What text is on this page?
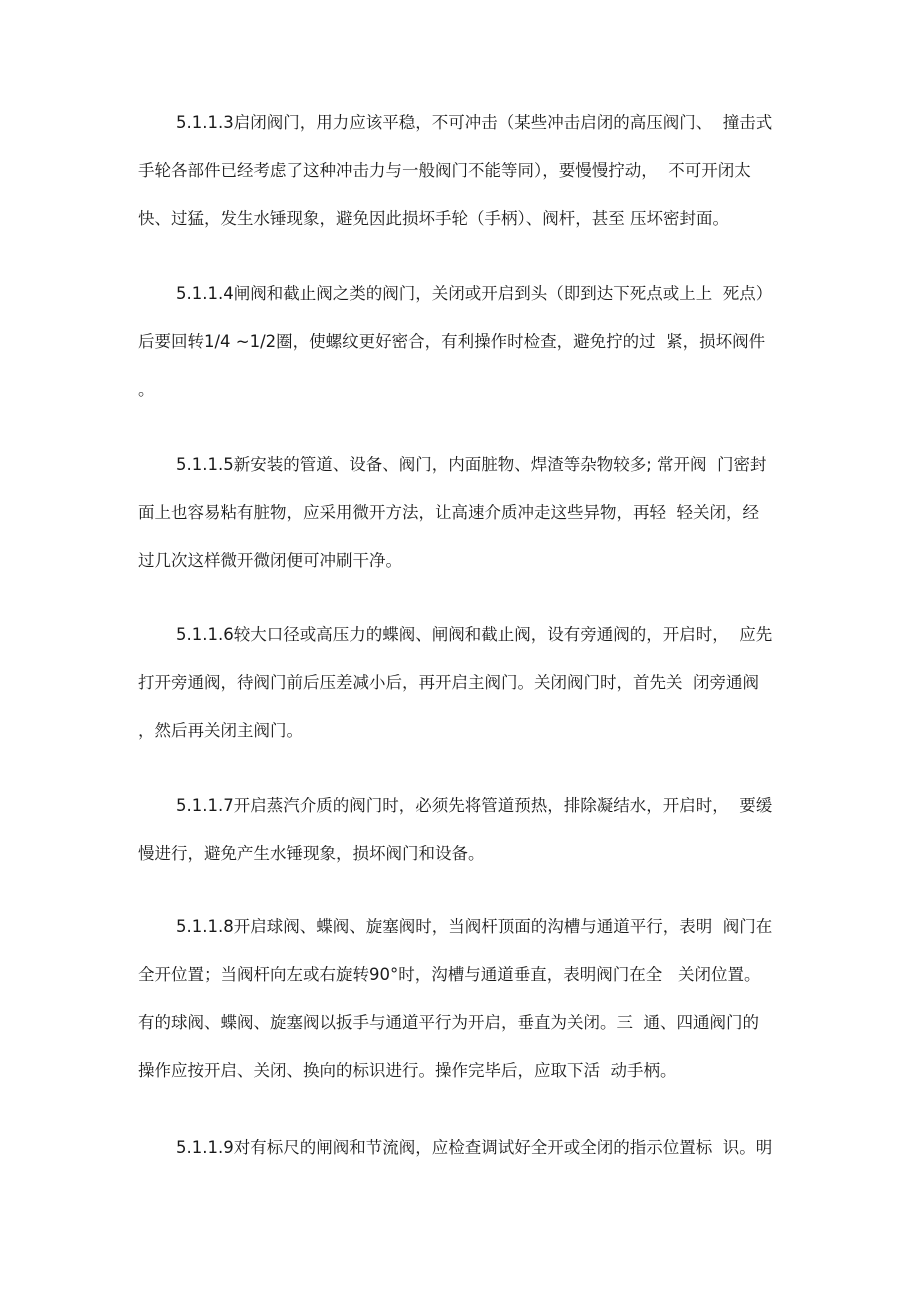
5.1.1.3启闭阀门，用力应该平稳，不可冲击（某些冲击启闭的高压阀门、  撞击式
手轮各部件已经考虑了这种冲击力与一般阀门不能等同），要慢慢拧动，  不可开闭太
快、过猛，发生水锤现象，避免因此损坏手轮（手柄）、阀杆，甚至 压坏密封面。
5.1.1.4闸阀和截止阀之类的阀门，关闭或开启到头（即到达下死点或上上  死点）
后要回转1/4 ~1/2圈，使螺纹更好密合，有利操作时检查，避免拧的过  紧，损坏阀件
。
5.1.1.5新安装的管道、设备、阀门，内面脏物、焊渣等杂物较多; 常开阀  门密封
面上也容易粘有脏物，应采用微开方法，让高速介质冲走这些异物，再轻  轻关闭，经
过几次这样微开微闭便可冲刷干净。
5.1.1.6较大口径或高压力的蝶阀、闸阀和截止阀，设有旁通阀的，开启时，  应先
打开旁通阀，待阀门前后压差减小后，再开启主阀门。关闭阀门时，首先关  闭旁通阀
，然后再关闭主阀门。
5.1.1.7开启蒸汽介质的阀门时，必须先将管道预热，排除凝结水，开启时，  要缓
慢进行，避免产生水锤现象，损坏阀门和设备。
5.1.1.8开启球阀、蝶阀、旋塞阀时，当阀杆顶面的沟槽与通道平行，表明  阀门在
全开位置；当阀杆向左或右旋转90°时，沟槽与通道垂直，表明阀门在全   关闭位置。
有的球阀、蝶阀、旋塞阀以扳手与通道平行为开启，垂直为关闭。三  通、四通阀门的
操作应按开启、关闭、换向的标识进行。操作完毕后，应取下活  动手柄。
5.1.1.9对有标尺的闸阀和节流阀，应检查调试好全开或全闭的指示位置标  识。明
